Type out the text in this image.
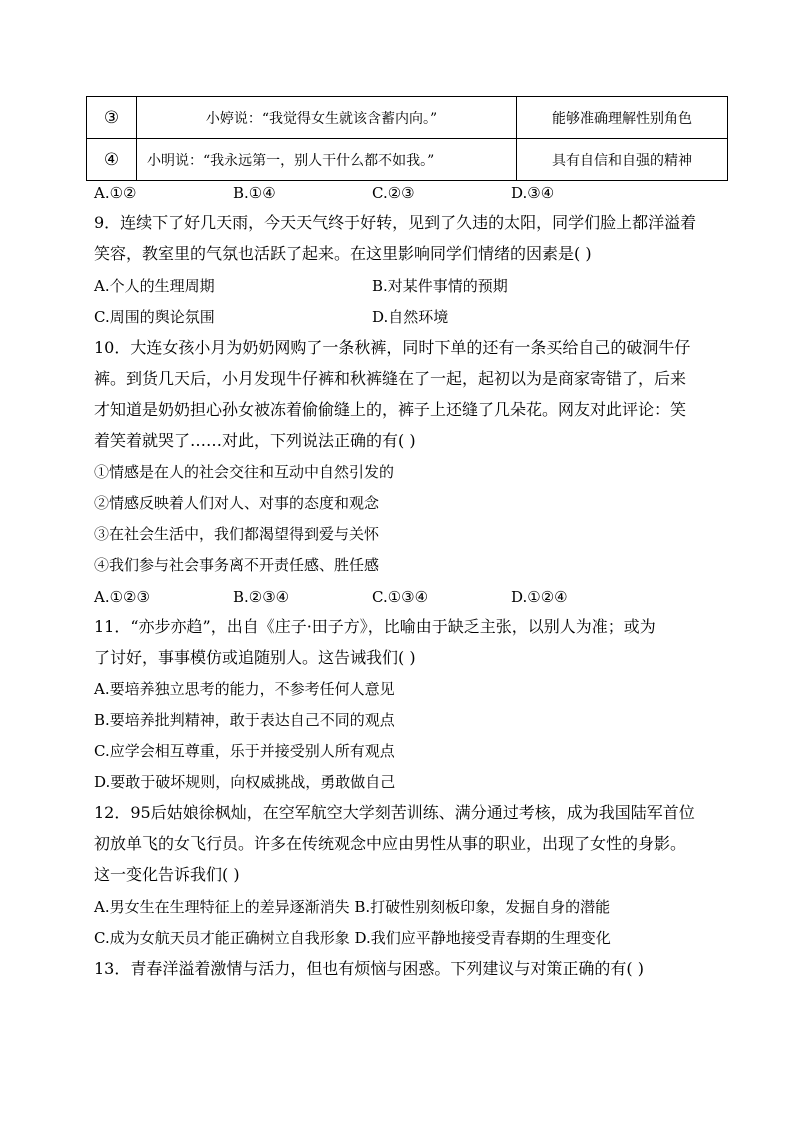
③	小婷说：“我觉得女生就该含蓄内向。”	能够准确理解性别角色
④	小明说：“我永远第一，别人干什么都不如我。”	具有自信和自强的精神
A.①②	B.①④	C.②③	D.③④
9．连续下了好几天雨，今天天气终于好转，见到了久违的太阳，同学们脸上都洋溢着
笑容，教室里的气氛也活跃了起来。在这里影响同学们情绪的因素是( )
A.个人的生理周期	B.对某件事情的预期
C.周围的舆论氛围	D.自然环境
10．大连女孩小月为奶奶网购了一条秋裤，同时下单的还有一条买给自己的破洞牛仔
裤。到货几天后，小月发现牛仔裤和秋裤缝在了一起，起初以为是商家寄错了，后来
才知道是奶奶担心孙女被冻着偷偷缝上的，裤子上还缝了几朵花。网友对此评论：笑
着笑着就哭了……对此，下列说法正确的有( )
①情感是在人的社会交往和互动中自然引发的
②情感反映着人们对人、对事的态度和观念
③在社会生活中，我们都渴望得到爱与关怀
④我们参与社会事务离不开责任感、胜任感
A.①②③	B.②③④	C.①③④	D.①②④
11．“亦步亦趋”，出自《庄子·田子方》，比喻由于缺乏主张，以别人为准；或为
了讨好，事事模仿或追随别人。这告诫我们( )
A.要培养独立思考的能力，不参考任何人意见
B.要培养批判精神，敢于表达自己不同的观点
C.应学会相互尊重，乐于并接受别人所有观点
D.要敢于破坏规则，向权威挑战，勇敢做自己
12．95后姑娘徐枫灿，在空军航空大学刻苦训练、满分通过考核，成为我国陆军首位
初放单飞的女飞行员。许多在传统观念中应由男性从事的职业，出现了女性的身影。
这一变化告诉我们( )
A.男女生在生理特征上的差异逐渐消失 B.打破性别刻板印象，发掘自身的潜能
C.成为女航天员才能正确树立自我形象 D.我们应平静地接受青春期的生理变化
13．青春洋溢着激情与活力，但也有烦恼与困惑。下列建议与对策正确的有( )
